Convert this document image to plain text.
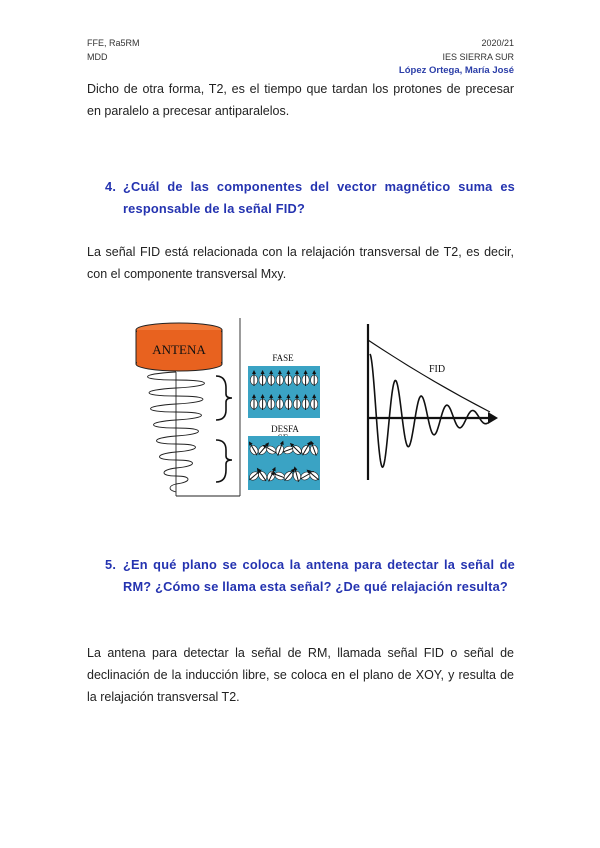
FFE, Ra5RM
MDD
2020/21
IES SIERRA SUR
López Ortega, María José

Dicho de otra forma, T2, es el tiempo que tardan los protones de precesar en paralelo a precesar antiparalelos.

4. ¿Cuál de las componentes del vector magnético suma es responsable de la señal FID?

La señal FID está relacionada con la relajación transversal de T2, es decir, con el componente transversal Mxy.

ANTENA
FASE
DESFA
FID
5. ¿En qué plano se coloca la antena para detectar la señal de RM? ¿Cómo se llama esta señal? ¿De qué relajación resulta?

La antena para detectar la señal de RM, llamada señal FID o señal de declinación de la inducción libre, se coloca en el plano de XOY, y resulta de la relajación transversal T2.
